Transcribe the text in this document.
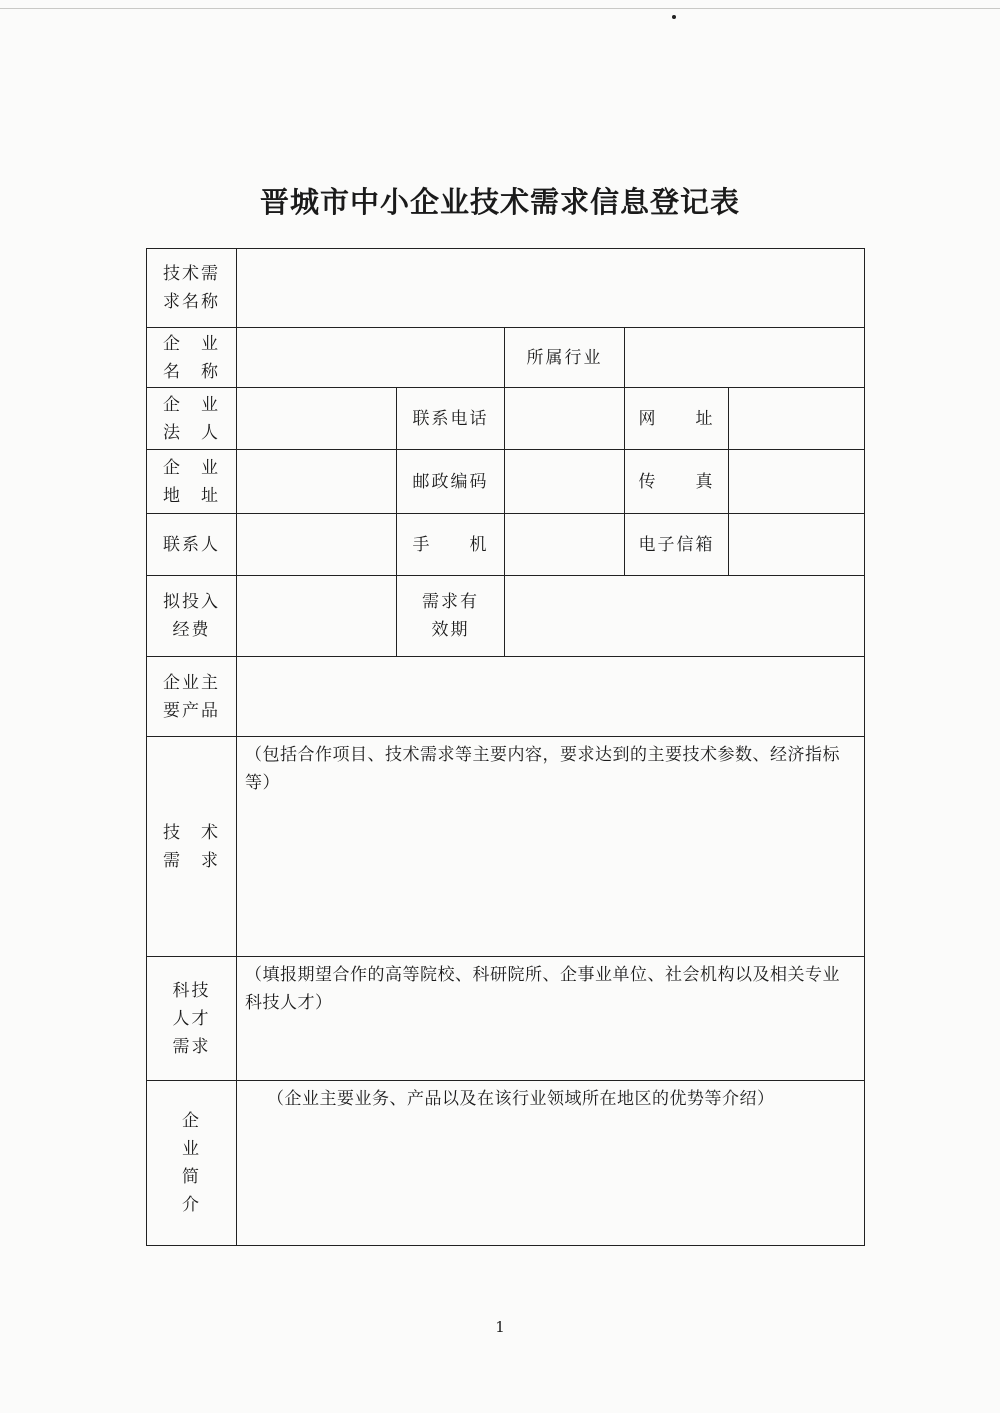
晋城市中小企业技术需求信息登记表
技术需
求名称					

企　业
名　称			所属行业		

企　业
法　人		联系电话		网　　址	

企　业
地　址		邮政编码		传　　真	
联系人		手　　机		电子信箱	

拟投入
经费		需求有
效期			

企业主
要产品					

技　术
需　求	（包括合作项目、技术需求等主要内容，要求达到的主要技术参数、经济指标等）				

科技
人才
需求	（填报期望合作的高等院校、科研院所、企事业单位、社会机构以及相关专业科技人才）				

企
业
简
介	（企业主要业务、产品以及在该行业领域所在地区的优势等介绍）				
1
